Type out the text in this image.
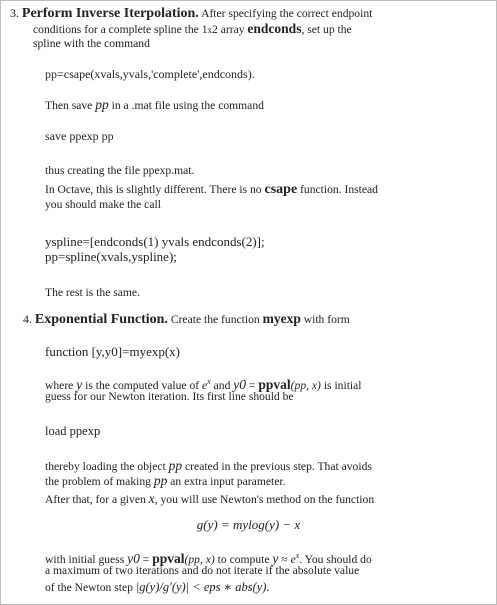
3. Perform Inverse Iterpolation. After specifying the correct endpoint
conditions for a complete spline the 1x2 array endconds, set up the
spline with the command
pp=csape(xvals,yvals,'complete',endconds).
Then save pp in a .mat file using the command
save ppexp pp
thus creating the file ppexp.mat.
In Octave, this is slightly different. There is no csape function. Instead
you should make the call
yspline=[endconds(1) yvals endconds(2)];
pp=spline(xvals,yspline);
The rest is the same.
4. Exponential Function. Create the function myexp with form
function [y,y0]=myexp(x)
where y is the computed value of $e^x$ and y0 = ppval(pp, x) is initial
guess for our Newton iteration. Its first line should be
load ppexp
thereby loading the object pp created in the previous step. That avoids
the problem of making pp an extra input parameter.
After that, for a given x, you will use Newton's method on the function
g(y) = mylog(y) − x
with initial guess y0 = ppval(pp, x) to compute $y \approx e^x$. You should do
a maximum of two iterations and do not iterate if the absolute value
of the Newton step |g(y)/g′(y)| < eps ∗ abs(y).
